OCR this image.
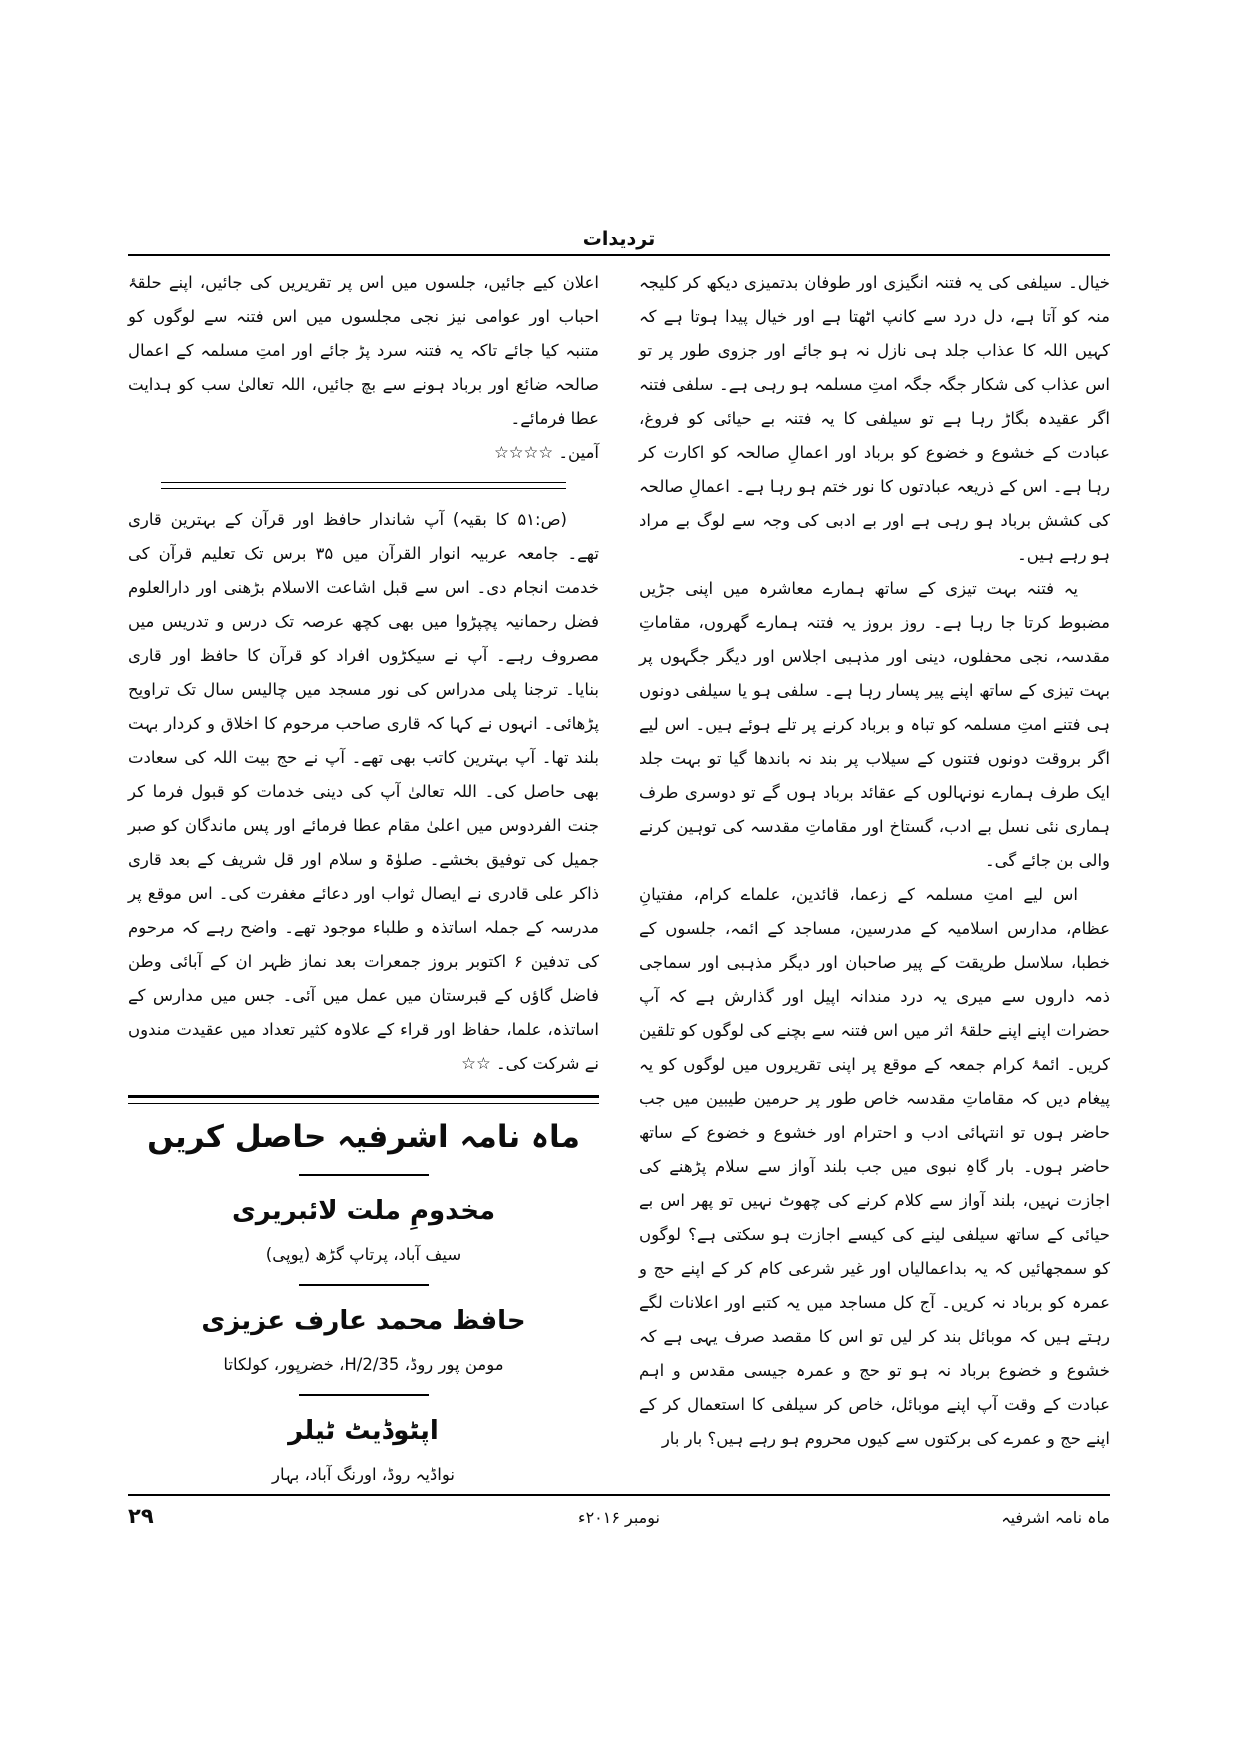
تردیدات

خیال۔ سیلفی کی یہ فتنہ انگیزی اور طوفان بدتمیزی دیکھ کر کلیجہ منہ کو آتا ہے، دل درد سے کانپ اٹھتا ہے اور خیال پیدا ہوتا ہے کہ کہیں اللہ کا عذاب جلد ہی نازل نہ ہو جائے اور جزوی طور پر تو اس عذاب کی شکار جگہ جگہ امتِ مسلمہ ہو رہی ہے۔ سلفی فتنہ اگر عقیدہ بگاڑ رہا ہے تو سیلفی کا یہ فتنہ بے حیائی کو فروغ، عبادت کے خشوع و خضوع کو برباد اور اعمالِ صالحہ کو اکارت کر رہا ہے۔ اس کے ذریعہ عبادتوں کا نور ختم ہو رہا ہے۔ اعمالِ صالحہ کی کشش برباد ہو رہی ہے اور بے ادبی کی وجہ سے لوگ بے مراد ہو رہے ہیں۔

یہ فتنہ بہت تیزی کے ساتھ ہمارے معاشرہ میں اپنی جڑیں مضبوط کرتا جا رہا ہے۔ روز بروز یہ فتنہ ہمارے گھروں، مقاماتِ مقدسہ، نجی محفلوں، دینی اور مذہبی اجلاس اور دیگر جگہوں پر بہت تیزی کے ساتھ اپنے پیر پسار رہا ہے۔ سلفی ہو یا سیلفی دونوں ہی فتنے امتِ مسلمہ کو تباہ و برباد کرنے پر تلے ہوئے ہیں۔ اس لیے اگر بروقت دونوں فتنوں کے سیلاب پر بند نہ باندھا گیا تو بہت جلد ایک طرف ہمارے نونہالوں کے عقائد برباد ہوں گے تو دوسری طرف ہماری نئی نسل بے ادب، گستاخ اور مقاماتِ مقدسہ کی توہین کرنے والی بن جائے گی۔

اس لیے امتِ مسلمہ کے زعما، قائدین، علماے کرام، مفتیانِ عظام، مدارس اسلامیہ کے مدرسین، مساجد کے ائمہ، جلسوں کے خطبا، سلاسل طریقت کے پیر صاحبان اور دیگر مذہبی اور سماجی ذمہ داروں سے میری یہ درد مندانہ اپیل اور گذارش ہے کہ آپ حضرات اپنے اپنے حلقۂ اثر میں اس فتنہ سے بچنے کی لوگوں کو تلقین کریں۔ ائمۂ کرام جمعہ کے موقع پر اپنی تقریروں میں لوگوں کو یہ پیغام دیں کہ مقاماتِ مقدسہ خاص طور پر حرمین طیبین میں جب حاضر ہوں تو انتہائی ادب و احترام اور خشوع و خضوع کے ساتھ حاضر ہوں۔ بار گاہِ نبوی میں جب بلند آواز سے سلام پڑھنے کی اجازت نہیں، بلند آواز سے کلام کرنے کی چھوٹ نہیں تو پھر اس بے حیائی کے ساتھ سیلفی لینے کی کیسے اجازت ہو سکتی ہے؟ لوگوں کو سمجھائیں کہ یہ بداعمالیاں اور غیر شرعی کام کر کے اپنے حج و عمرہ کو برباد نہ کریں۔ آج کل مساجد میں یہ کتبے اور اعلانات لگے رہتے ہیں کہ موبائل بند کر لیں تو اس کا مقصد صرف یہی ہے کہ خشوع و خضوع برباد نہ ہو تو حج و عمرہ جیسی مقدس و اہم عبادت کے وقت آپ اپنے موبائل، خاص کر سیلفی کا استعمال کر کے اپنے حج و عمرے کی برکتوں سے کیوں محروم ہو رہے ہیں؟ بار بار

اعلان کیے جائیں، جلسوں میں اس پر تقریریں کی جائیں، اپنے حلقۂ احباب اور عوامی نیز نجی مجلسوں میں اس فتنہ سے لوگوں کو متنبہ کیا جائے تاکہ یہ فتنہ سرد پڑ جائے اور امتِ مسلمہ کے اعمال صالحہ ضائع اور برباد ہونے سے بچ جائیں، اللہ تعالیٰ سب کو ہدایت عطا فرمائے۔

آمین۔ ☆☆☆☆

(ص:۵۱ کا بقیہ) آپ شاندار حافظ اور قرآن کے بہترین قاری تھے۔ جامعہ عربیہ انوار القرآن میں ۳۵ برس تک تعلیم قرآن کی خدمت انجام دی۔ اس سے قبل اشاعت الاسلام بڑھنی اور دارالعلوم فضل رحمانیہ پچپڑوا میں بھی کچھ عرصہ تک درس و تدریس میں مصروف رہے۔ آپ نے سیکڑوں افراد کو قرآن کا حافظ اور قاری بنایا۔ ترجنا پلی مدراس کی نور مسجد میں چالیس سال تک تراویح پڑھائی۔ انہوں نے کہا کہ قاری صاحب مرحوم کا اخلاق و کردار بہت بلند تھا۔ آپ بہترین کاتب بھی تھے۔ آپ نے حج بیت اللہ کی سعادت بھی حاصل کی۔ اللہ تعالیٰ آپ کی دینی خدمات کو قبول فرما کر جنت الفردوس میں اعلیٰ مقام عطا فرمائے اور پس ماندگان کو صبر جمیل کی توفیق بخشے۔ صلوٰۃ و سلام اور قل شریف کے بعد قاری ذاکر علی قادری نے ایصال ثواب اور دعائے مغفرت کی۔ اس موقع پر مدرسہ کے جملہ اساتذہ و طلباء موجود تھے۔ واضح رہے کہ مرحوم کی تدفین ۶ اکتوبر بروز جمعرات بعد نماز ظہر ان کے آبائی وطن فاضل گاؤں کے قبرستان میں عمل میں آئی۔ جس میں مدارس کے اساتذہ، علما، حفاظ اور قراء کے علاوہ کثیر تعداد میں عقیدت مندوں نے شرکت کی۔ ☆☆

ماہ نامہ اشرفیہ حاصل کریں
مخدومِ ملت لائبریری
سیف آباد، پرتاپ گڑھ (یوپی)
حافظ محمد عارف عزیزی
مومن پور روڈ، 35/H/2، خضرپور، کولکاتا
اپٹوڈیٹ ٹیلر
نواڈیہ روڈ، اورنگ آباد، بہار
ماہ نامہ اشرفیہ
نومبر ۲۰۱۶ء
۲۹
